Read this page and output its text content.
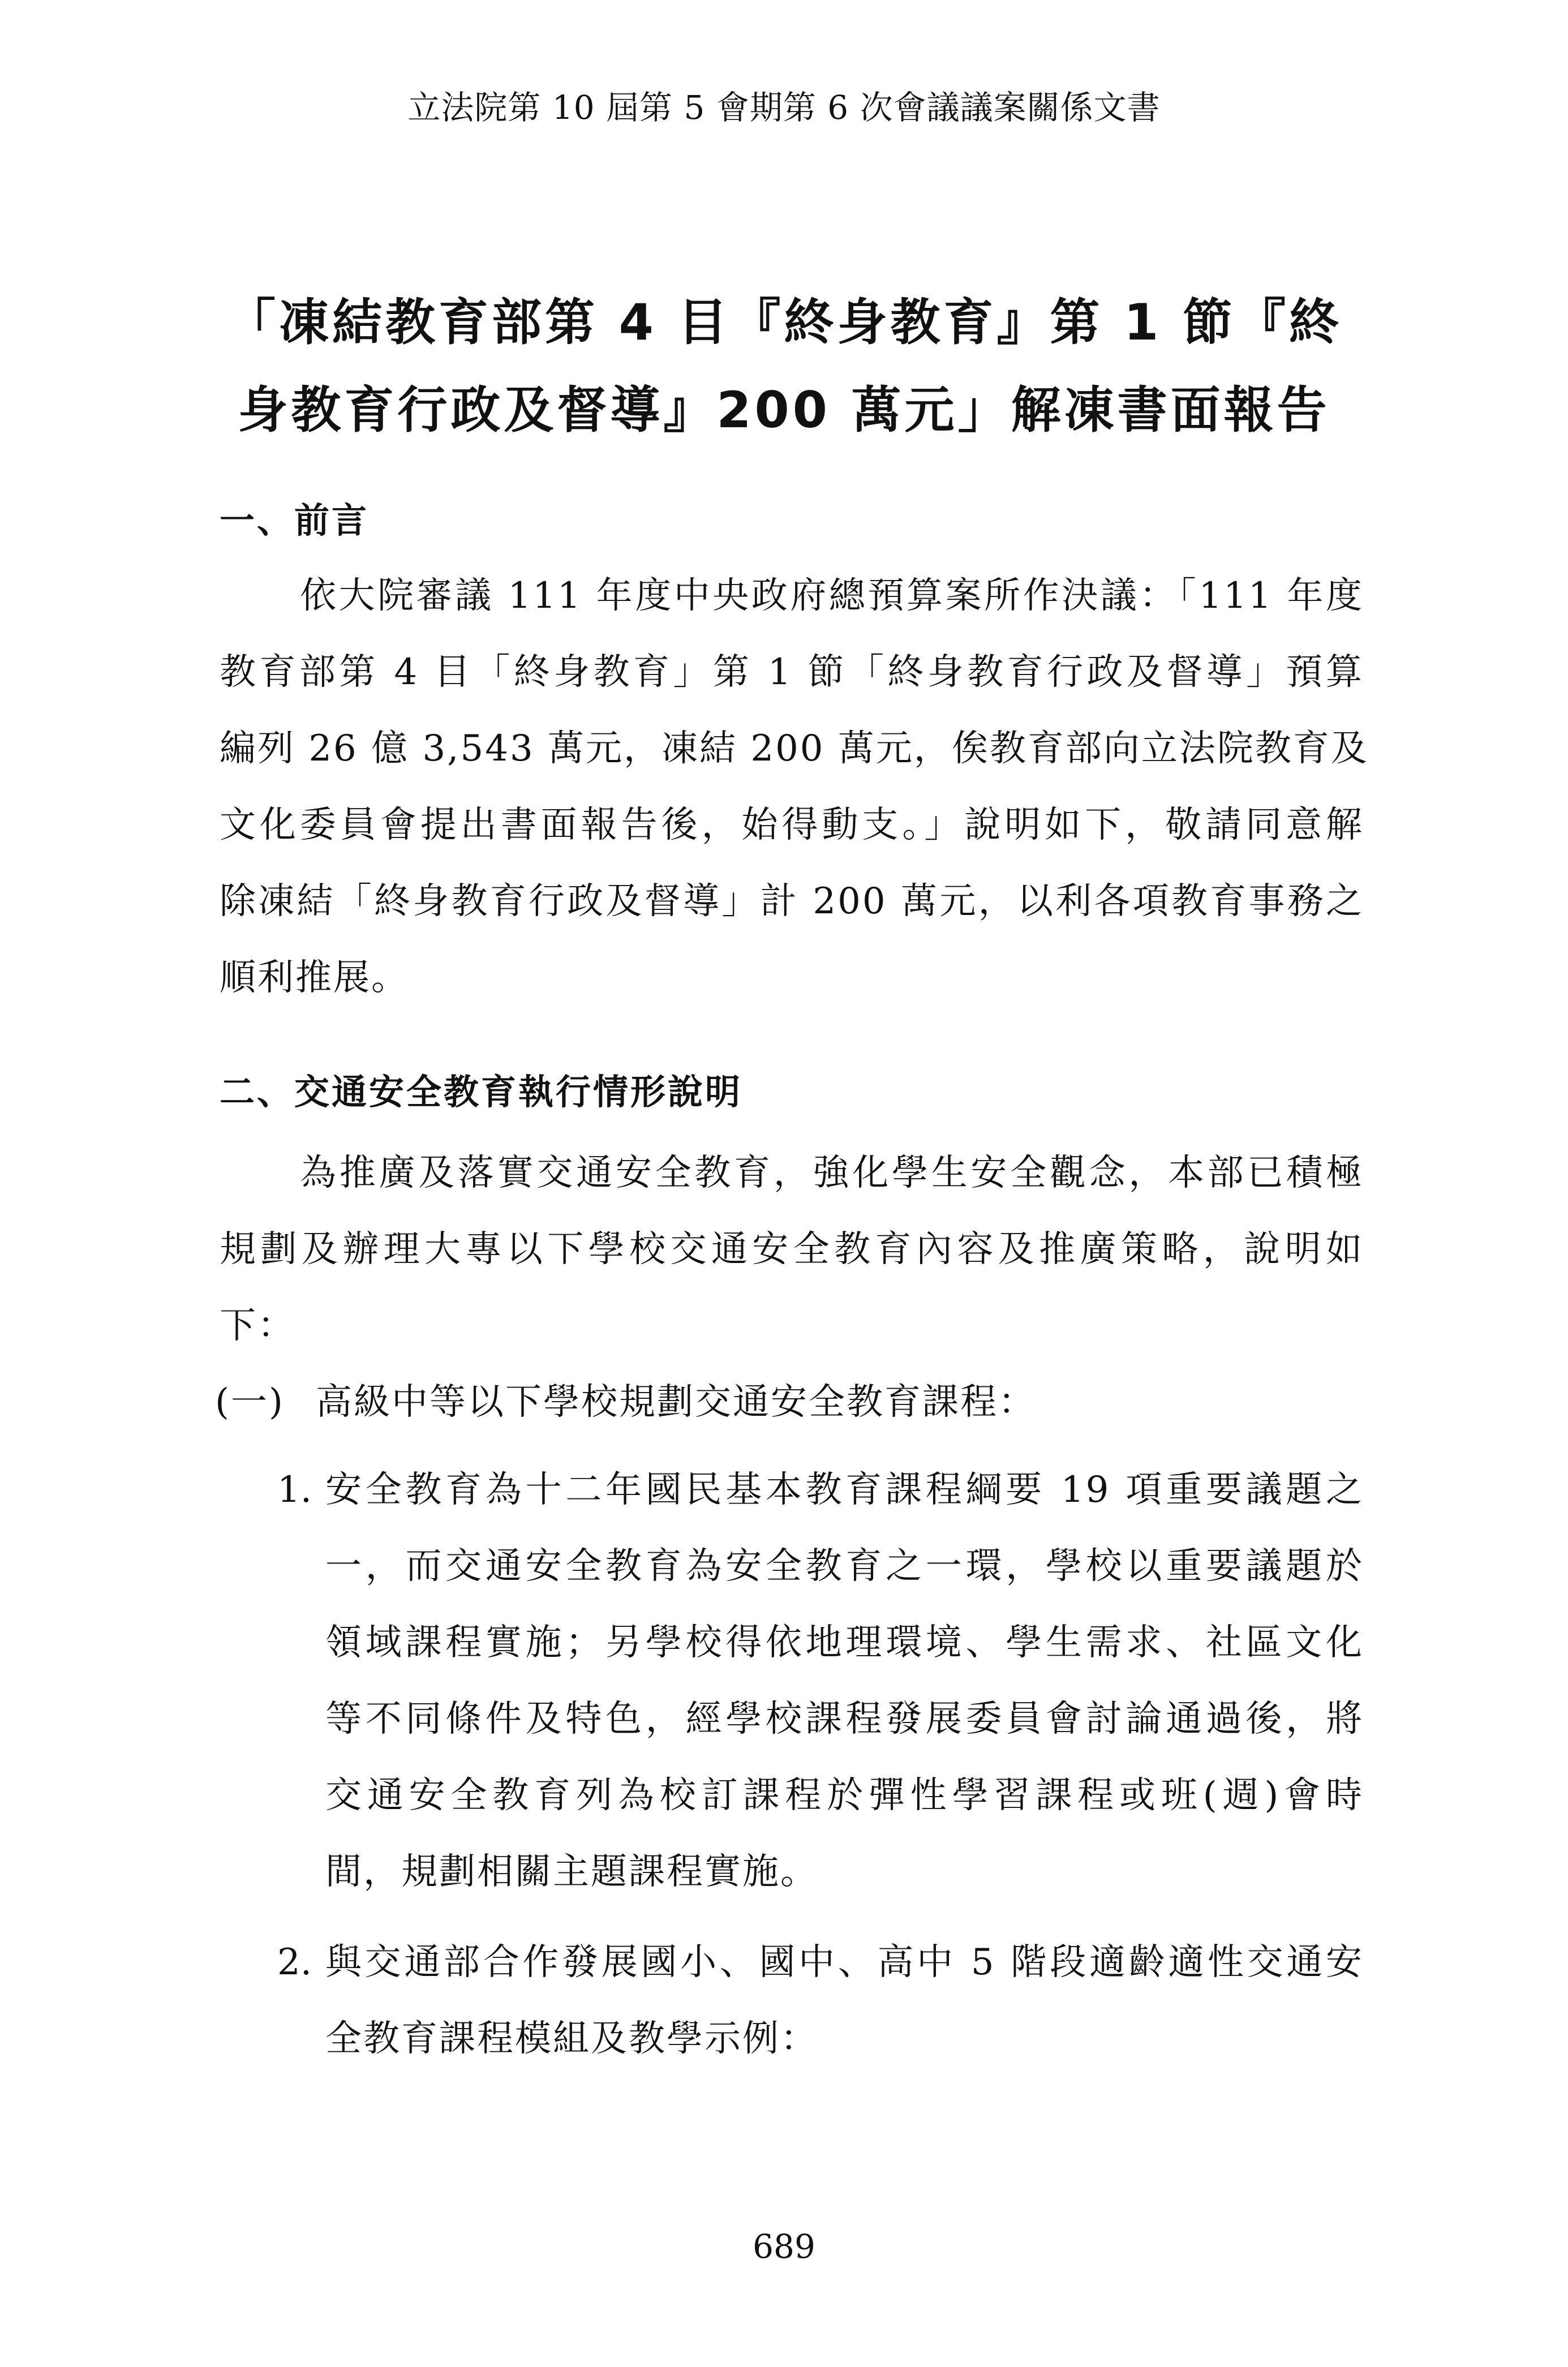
立法院第 10 屆第 5 會期第 6 次會議議案關係文書

「凍結教育部第 4 目『終身教育』第 1 節『終

身教育行政及督導』200 萬元」解凍書面報告

一、前言

依大院審議 111 年度中央政府總預算案所作決議：「111 年度

教育部第 4 目「終身教育」第 1 節「終身教育行政及督導」預算

編列 26 億 3,543 萬元，凍結 200 萬元，俟教育部向立法院教育及

文化委員會提出書面報告後，始得動支。」說明如下，敬請同意解

除凍結「終身教育行政及督導」計 200 萬元，以利各項教育事務之

順利推展。

二、交通安全教育執行情形說明

為推廣及落實交通安全教育，強化學生安全觀念，本部已積極

規劃及辦理大專以下學校交通安全教育內容及推廣策略，說明如

下：

(一) 高級中等以下學校規劃交通安全教育課程：

1. 安全教育為十二年國民基本教育課程綱要 19 項重要議題之

一，而交通安全教育為安全教育之一環，學校以重要議題於

領域課程實施；另學校得依地理環境、學生需求、社區文化

等不同條件及特色，經學校課程發展委員會討論通過後，將

交通安全教育列為校訂課程於彈性學習課程或班(週)會時

間，規劃相關主題課程實施。

2. 與交通部合作發展國小、國中、高中 5 階段適齡適性交通安

全教育課程模組及教學示例：

689
